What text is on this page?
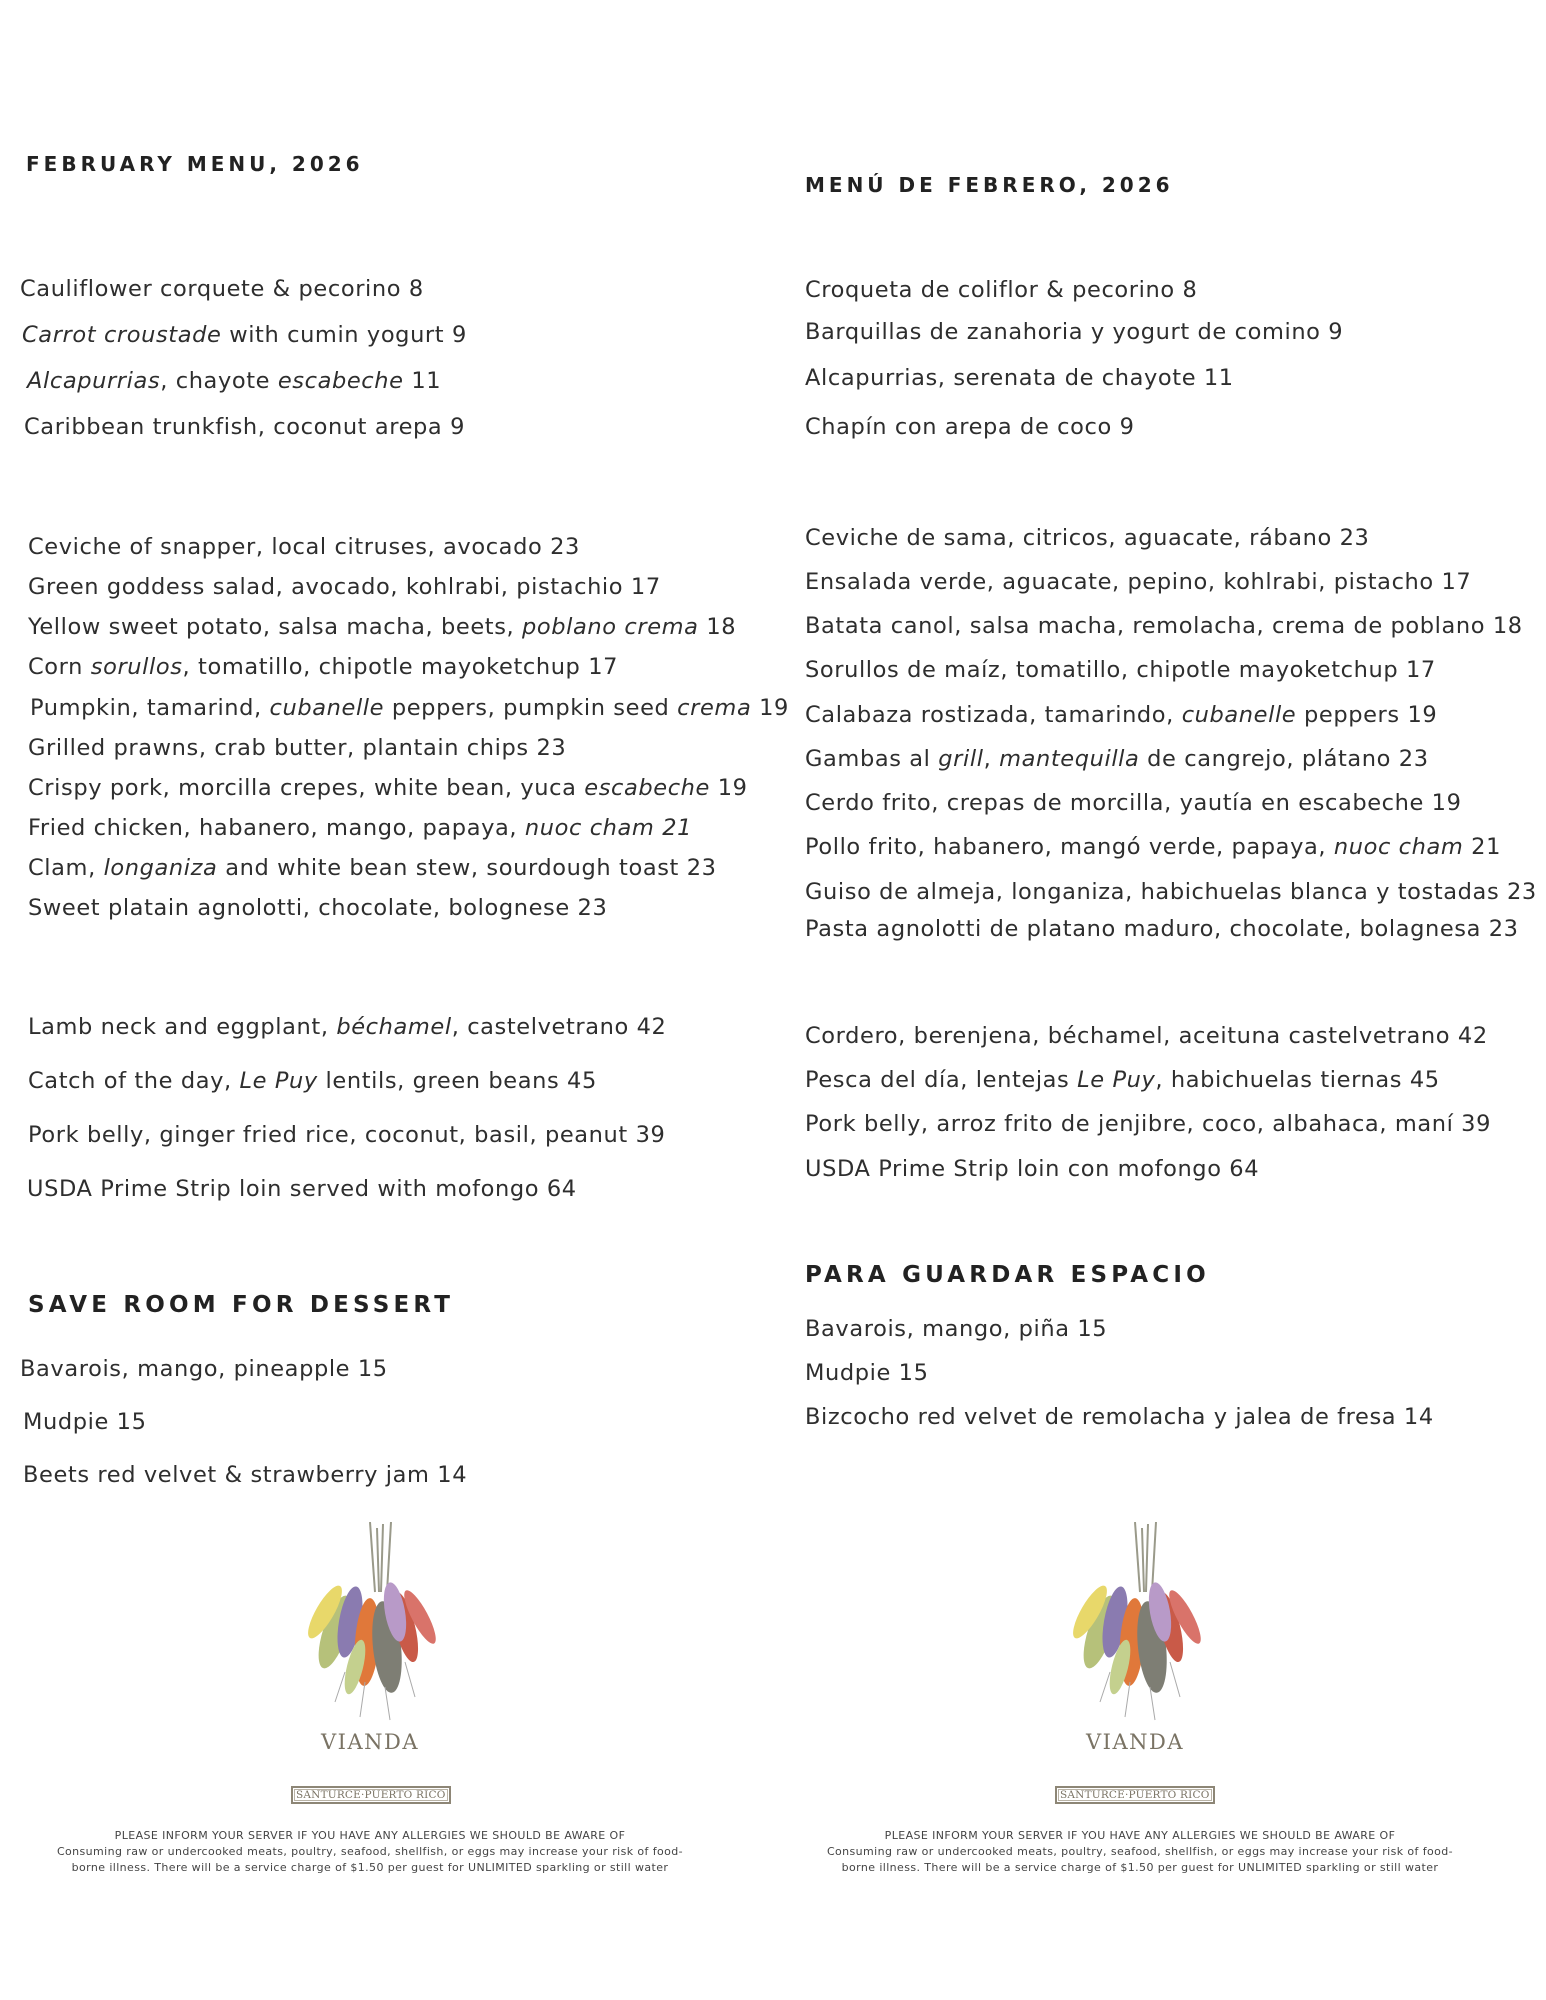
FEBRUARY MENU, 2026
Cauliflower corquete & pecorino 8
Carrot croustade with cumin yogurt 9
Alcapurrias, chayote escabeche 11
Caribbean trunkfish, coconut arepa 9
Ceviche of snapper, local citruses, avocado 23
Green goddess salad, avocado, kohlrabi, pistachio 17
Yellow sweet potato, salsa macha, beets, poblano crema 18
Corn sorullos, tomatillo, chipotle mayoketchup 17
Pumpkin, tamarind, cubanelle peppers, pumpkin seed crema 19
Grilled prawns, crab butter, plantain chips 23
Crispy pork, morcilla crepes, white bean, yuca escabeche 19
Fried chicken, habanero, mango, papaya, nuoc cham 21
Clam, longaniza and white bean stew, sourdough toast 23
Sweet platain agnolotti, chocolate, bolognese 23
Lamb neck and eggplant, béchamel, castelvetrano 42
Catch of the day, Le Puy lentils, green beans 45
Pork belly, ginger fried rice, coconut, basil, peanut 39
USDA Prime Strip loin served with mofongo 64
SAVE ROOM FOR DESSERT
Bavarois, mango, pineapple 15
Mudpie 15
Beets red velvet & strawberry jam 14
VIANDA
SANTURCE·PUERTO RICO
PLEASE INFORM YOUR SERVER IF YOU HAVE ANY ALLERGIES WE SHOULD BE AWARE OF
Consuming raw or undercooked meats, poultry, seafood, shellfish, or eggs may increase your risk of food-
borne illness. There will be a service charge of $1.50 per guest for UNLIMITED sparkling or still water
MENÚ DE FEBRERO, 2026
Croqueta de coliflor & pecorino 8
Barquillas de zanahoria y yogurt de comino 9
Alcapurrias, serenata de chayote 11
Chapín con arepa de coco 9
Ceviche de sama, citricos, aguacate, rábano 23
Ensalada verde, aguacate, pepino, kohlrabi, pistacho 17
Batata canol, salsa macha, remolacha, crema de poblano 18
Sorullos de maíz, tomatillo, chipotle mayoketchup 17
Calabaza rostizada, tamarindo, cubanelle peppers 19
Gambas al grill, mantequilla de cangrejo, plátano 23
Cerdo frito, crepas de morcilla, yautía en escabeche 19
Pollo frito, habanero, mangó verde, papaya, nuoc cham 21
Guiso de almeja, longaniza, habichuelas blanca y tostadas 23
Pasta agnolotti de platano maduro, chocolate, bolagnesa 23
Cordero, berenjena, béchamel, aceituna castelvetrano 42
Pesca del día, lentejas Le Puy, habichuelas tiernas 45
Pork belly, arroz frito de jenjibre, coco, albahaca, maní 39
USDA Prime Strip loin con mofongo 64
PARA GUARDAR ESPACIO
Bavarois, mango, piña 15
Mudpie 15
Bizcocho red velvet de remolacha y jalea de fresa 14
VIANDA
SANTURCE·PUERTO RICO
PLEASE INFORM YOUR SERVER IF YOU HAVE ANY ALLERGIES WE SHOULD BE AWARE OF
Consuming raw or undercooked meats, poultry, seafood, shellfish, or eggs may increase your risk of food-
borne illness. There will be a service charge of $1.50 per guest for UNLIMITED sparkling or still water
